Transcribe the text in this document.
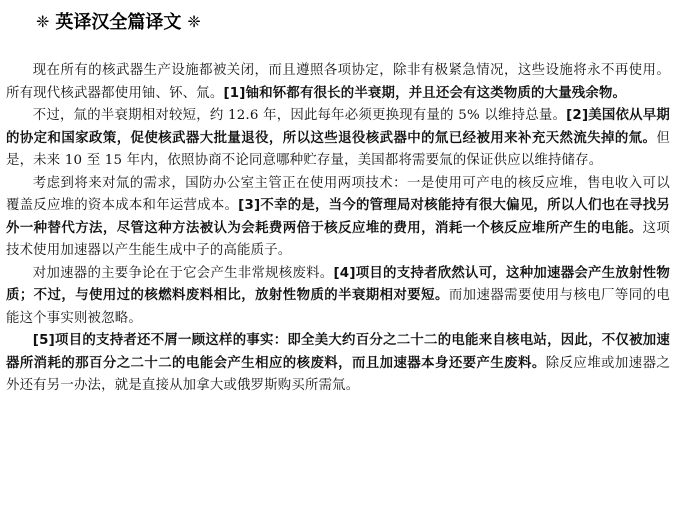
❈ 英译汉全篇译文 ❈

现在所有的核武器生产设施都被关闭，而且遵照各项协定，除非有极紧急情况，这些设施将永不再使用。所有现代核武器都使用铀、钚、氚。[1]铀和钚都有很长的半衰期，并且还会有这类物质的大量残余物。

不过，氚的半衰期相对较短，约 12.6 年，因此每年必须更换现有量的 5% 以维持总量。[2]美国依从早期的协定和国家政策，促使核武器大批量退役，所以这些退役核武器中的氚已经被用来补充天然流失掉的氚。但是，未来 10 至 15 年内，依照协商不论同意哪种贮存量，美国都将需要氚的保证供应以维持储存。

考虑到将来对氚的需求，国防办公室主管正在使用两项技术：一是使用可产电的核反应堆，售电收入可以覆盖反应堆的资本成本和年运营成本。[3]不幸的是，当今的管理局对核能持有很大偏见，所以人们也在寻找另外一种替代方法，尽管这种方法被认为会耗费两倍于核反应堆的费用，消耗一个核反应堆所产生的电能。这项技术使用加速器以产生能生成中子的高能质子。

对加速器的主要争论在于它会产生非常规核废料。[4]项目的支持者欣然认可，这种加速器会产生放射性物质；不过，与使用过的核燃料废料相比，放射性物质的半衰期相对要短。而加速器需要使用与核电厂等同的电能这个事实则被忽略。

[5]项目的支持者还不屑一顾这样的事实：即全美大约百分之二十二的电能来自核电站，因此，不仅被加速器所消耗的那百分之二十二的电能会产生相应的核废料，而且加速器本身还要产生废料。除反应堆或加速器之外还有另一办法，就是直接从加拿大或俄罗斯购买所需氚。
